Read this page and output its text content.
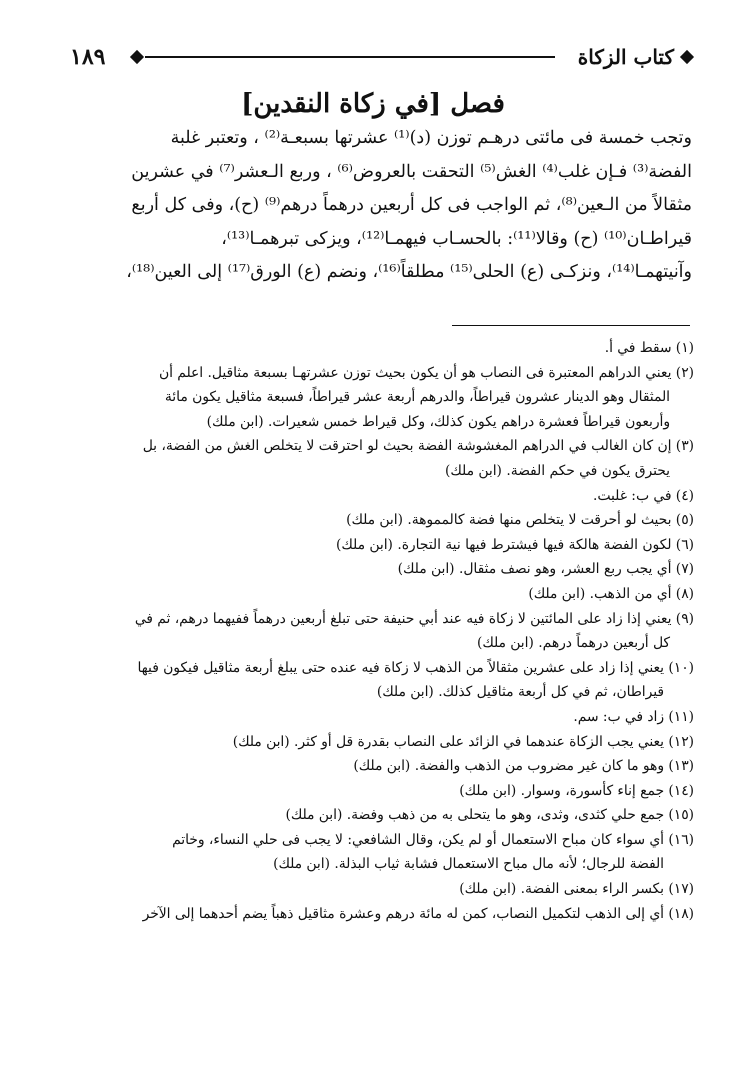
١٨٩	كتاب الزكاة
فصل [في زكاة النقدين]

وتجب خمسة فى مائتى درهـم توزن (د)⁽¹⁾ عشرتها بسبعـة⁽²⁾ ، وتعتبر غلبة

الفضة⁽³⁾ فـإن غلب⁽⁴⁾ الغش⁽⁵⁾ التحقت بالعروض⁽⁶⁾ ، وربع الـعشر⁽⁷⁾ في عشرين

مثقالاً من الـعين⁽⁸⁾، ثم الواجب فى كل أربعين درهماً درهم⁽⁹⁾ (ح)، وفى كل أربع

قيراطـان⁽¹⁰⁾ (ح) وقالا⁽¹¹⁾: بالحسـاب فيهمـا⁽¹²⁾، ويزكى تبرهمـا⁽¹³⁾،

وآنيتهمـا⁽¹⁴⁾، ونزكـى (ع) الحلى⁽¹⁵⁾ مطلقاً⁽¹⁶⁾، ونضم (ع) الورق⁽¹⁷⁾ إلى العين⁽¹⁸⁾،

(١) سقط في أ.
(٢) يعني الدراهم المعتبرة فى النصاب هو أن يكون بحيث توزن عشرتهـا بسبعة مثاقيل. اعلم أن
المثقال وهو الدينار عشرون قيراطاً، والدرهم أربعة عشر قيراطاً، فسبعة مثاقيل يكون مائة
وأربعون قيراطاً فعشرة دراهم يكون كذلك، وكل قيراط خمس شعيرات. (ابن ملك)
(٣) إن كان الغالب في الدراهم المغشوشة الفضة بحيث لو احترقت لا يتخلص الغش من الفضة، بل
يحترق يكون في حكم الفضة. (ابن ملك)
(٤) في ب: غلبت.
(٥) بحيث لو أحرقت لا يتخلص منها فضة كالمموهة. (ابن ملك)
(٦) لكون الفضة هالكة فيها فيشترط فيها نية التجارة. (ابن ملك)
(٧) أي يجب ربع العشر، وهو نصف مثقال. (ابن ملك)
(٨) أي من الذهب. (ابن ملك)
(٩) يعني إذا زاد على المائتين لا زكاة فيه عند أبي حنيفة حتى تبلغ أربعين درهماً ففيهما درهم، ثم في
كل أربعين درهماً درهم. (ابن ملك)
(١٠) يعني إذا زاد على عشرين مثقالاً من الذهب لا زكاة فيه عنده حتى يبلغ أربعة مثاقيل فيكون فيها
قيراطان، ثم في كل أربعة مثاقيل كذلك. (ابن ملك)
(١١) زاد في ب: سم.
(١٢) يعني يجب الزكاة عندهما في الزائد على النصاب بقدرة قل أو كثر. (ابن ملك)
(١٣) وهو ما كان غير مضروب من الذهب والفضة. (ابن ملك)
(١٤) جمع إناء كأسورة، وسوار. (ابن ملك)
(١٥) جمع حلي كثدى، وثدى، وهو ما يتحلى به من ذهب وفضة. (ابن ملك)
(١٦) أي سواء كان مباح الاستعمال أو لم يكن، وقال الشافعي: لا يجب فى حلي النساء، وخاتم
الفضة للرجال؛ لأنه مال مباح الاستعمال فشابة ثياب البذلة. (ابن ملك)
(١٧) بكسر الراء بمعنى الفضة. (ابن ملك)
(١٨) أي إلى الذهب لتكميل النصاب، كمن له مائة درهم وعشرة مثاقيل ذهباً يضم أحدهما إلى الآخر
